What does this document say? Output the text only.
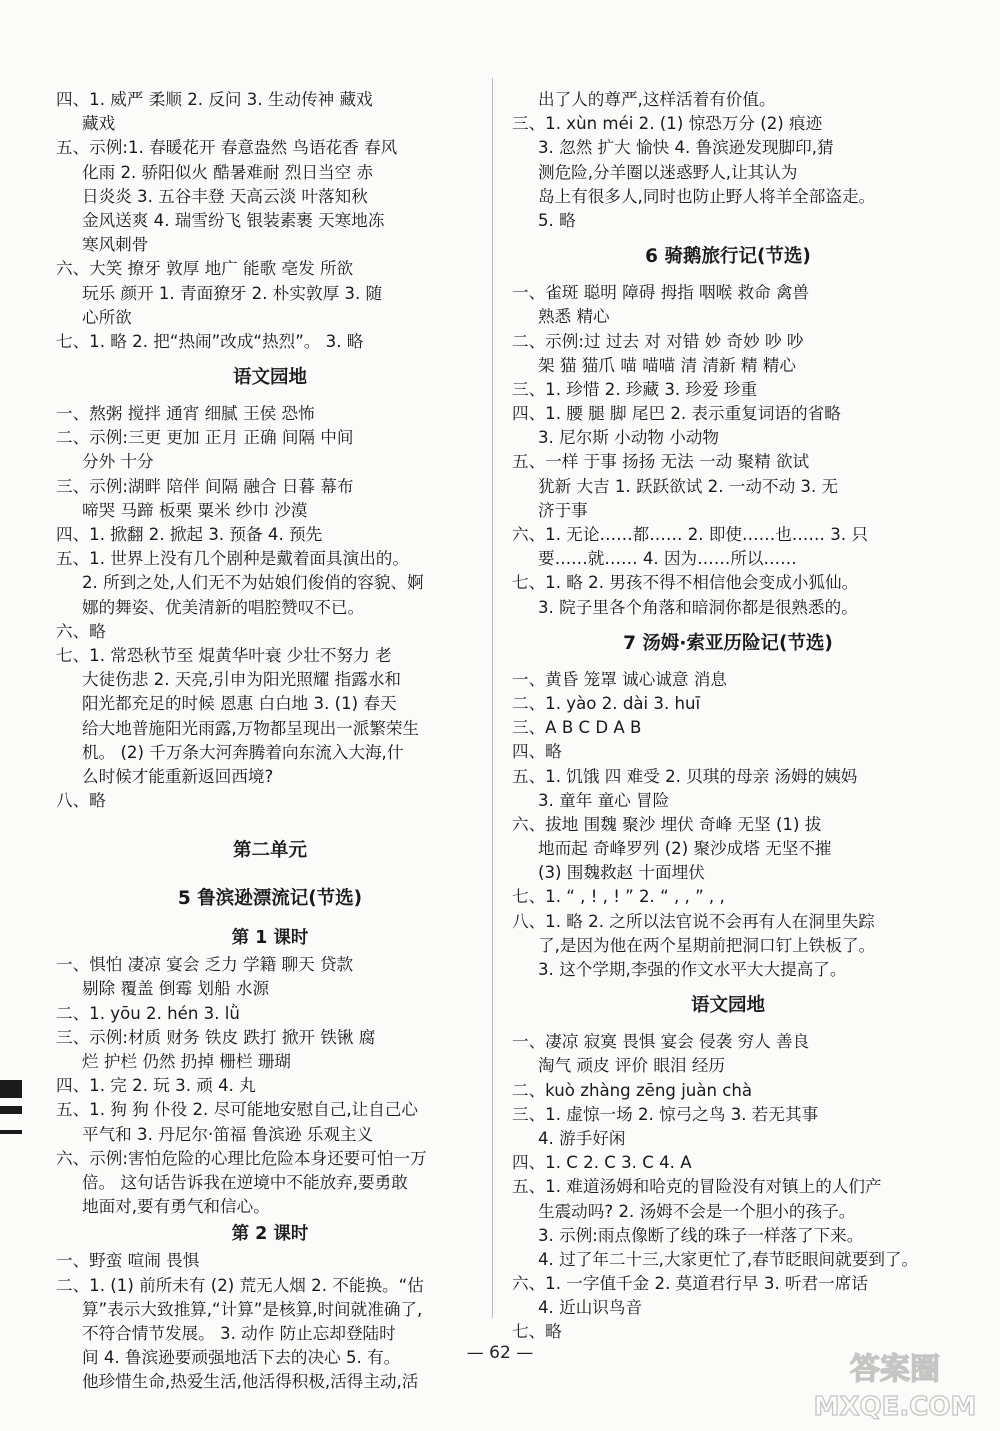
四、1. 威严 柔顺 2. 反问 3. 生动传神 藏戏
藏戏
五、示例:1. 春暖花开 春意盎然 鸟语花香 春风
化雨 2. 骄阳似火 酷暑难耐 烈日当空 赤
日炎炎 3. 五谷丰登 天高云淡 叶落知秋
金风送爽 4. 瑞雪纷飞 银装素裹 天寒地冻
寒风刺骨
六、大笑 撩牙 敦厚 地广 能歌 亳发 所欲
玩乐 颜开 1. 青面獠牙 2. 朴实敦厚 3. 随
心所欲
七、1. 略 2. 把“热闹”改成“热烈”。 3. 略
语文园地
一、熬粥 搅拌 通宵 细腻 王侯 恐怖
二、示例:三更 更加 正月 正确 间隔 中间
分外 十分
三、示例:湖畔 陪伴 间隔 融合 日暮 幕布
啼哭 马蹄 板栗 粟米 纱巾 沙漠
四、1. 掀翻 2. 掀起 3. 预备 4. 预先
五、1. 世界上没有几个剧种是戴着面具演出的。
2. 所到之处,人们无不为姑娘们俊俏的容貌、婀
娜的舞姿、优美清新的唱腔赞叹不已。
六、略
七、1. 常恐秋节至 焜黄华叶衰 少壮不努力 老
大徒伤悲 2. 天亮,引申为阳光照耀 指露水和
阳光都充足的时候 恩惠 白白地 3. (1) 春天
给大地普施阳光雨露,万物都呈现出一派繁荣生
机。 (2) 千万条大河奔腾着向东流入大海,什
么时候才能重新返回西境?
八、略
第二单元
5 鲁滨逊漂流记(节选)
第 1 课时
一、惧怕 凄凉 宴会 乏力 学籍 聊天 贷款
剔除 覆盖 倒霉 划船 水源
二、1. yōu 2. hén 3. lǜ
三、示例:材质 财务 铁皮 跌打 掀开 铁锹 腐
烂 护栏 仍然 扔掉 栅栏 珊瑚
四、1. 完 2. 玩 3. 顽 4. 丸
五、1. 狗 狗 仆役 2. 尽可能地安慰自己,让自己心
平气和 3. 丹尼尔·笛福 鲁滨逊 乐观主义
六、示例:害怕危险的心理比危险本身还要可怕一万
倍。 这句话告诉我在逆境中不能放弃,要勇敢
地面对,要有勇气和信心。
第 2 课时
一、野蛮 喧闹 畏惧
二、1. (1) 前所未有 (2) 荒无人烟 2. 不能换。“估
算”表示大致推算,“计算”是核算,时间就准确了,
不符合情节发展。 3. 动作 防止忘却登陆时
间 4. 鲁滨逊要顽强地活下去的决心 5. 有。
他珍惜生命,热爱生活,他活得积极,活得主动,活
出了人的尊严,这样活着有价值。
三、1. xùn méi 2. (1) 惊恐万分 (2) 痕迹
3. 忽然 扩大 愉快 4. 鲁滨逊发现脚印,猜
测危险,分羊圈以迷惑野人,让其认为
岛上有很多人,同时也防止野人将羊全部盗走。
5. 略
6 骑鹅旅行记(节选)
一、雀斑 聪明 障碍 拇指 咽喉 救命 禽兽
熟悉 精心
二、示例:过 过去 对 对错 妙 奇妙 吵 吵
架 猫 猫爪 喵 喵喵 清 清新 精 精心
三、1. 珍惜 2. 珍藏 3. 珍爱 珍重
四、1. 腰 腿 脚 尾巴 2. 表示重复词语的省略
3. 尼尔斯 小动物 小动物
五、一样 于事 扬扬 无法 一动 聚精 欲试
犹新 大吉 1. 跃跃欲试 2. 一动不动 3. 无
济于事
六、1. 无论……都…… 2. 即使……也…… 3. 只
要……就…… 4. 因为……所以……
七、1. 略 2. 男孩不得不相信他会变成小狐仙。
3. 院子里各个角落和暗洞你都是很熟悉的。
7 汤姆·索亚历险记(节选)
一、黄昏 笼罩 诚心诚意 消息
二、1. yào 2. dài 3. huī
三、A B C D A B
四、略
五、1. 饥饿 四 难受 2. 贝琪的母亲 汤姆的姨妈
3. 童年 童心 冒险
六、拔地 围魏 聚沙 埋伏 奇峰 无坚 (1) 拔
地而起 奇峰罗列 (2) 聚沙成塔 无坚不摧
(3) 围魏救赵 十面埋伏
七、1. “ , ! , ! ” 2. “ , , ” , ,
八、1. 略 2. 之所以法官说不会再有人在洞里失踪
了,是因为他在两个星期前把洞口钉上铁板了。
3. 这个学期,李强的作文水平大大提高了。
语文园地
一、凄凉 寂寞 畏惧 宴会 侵袭 穷人 善良
淘气 顽皮 评价 眼泪 经历
二、kuò zhàng zēng juàn chà
三、1. 虚惊一场 2. 惊弓之鸟 3. 若无其事
4. 游手好闲
四、1. C 2. C 3. C 4. A
五、1. 难道汤姆和哈克的冒险没有对镇上的人们产
生震动吗? 2. 汤姆不会是一个胆小的孩子。
3. 示例:雨点像断了线的珠子一样落了下来。
4. 过了年二十三,大家更忙了,春节眨眼间就要到了。
六、1. 一字值千金 2. 莫道君行早 3. 听君一席话
4. 近山识鸟音
七、略
— 62 —	答案圈
MXQE.COM
